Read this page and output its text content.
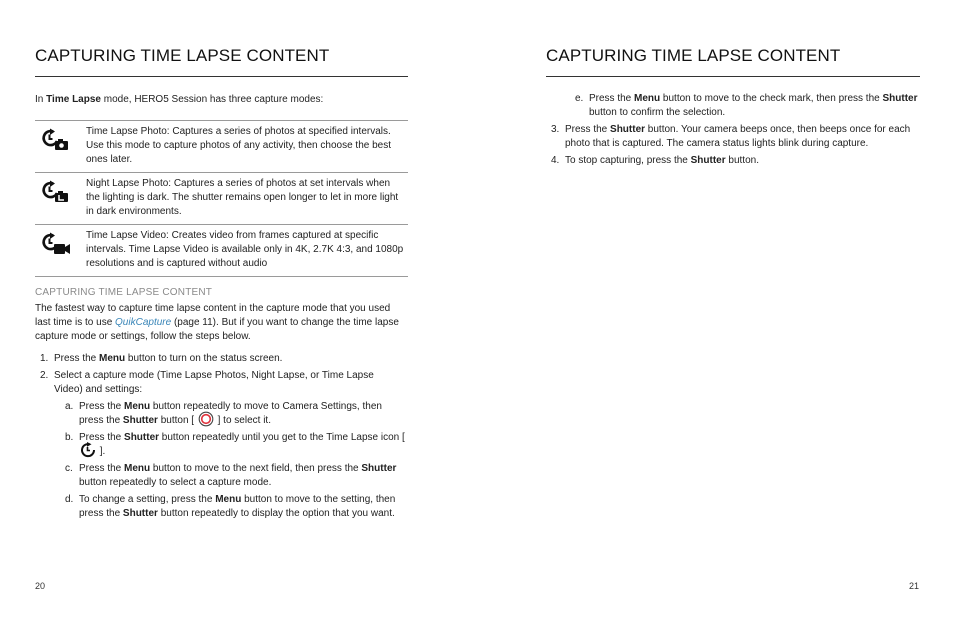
CAPTURING TIME LAPSE CONTENT

In Time Lapse mode, HERO5 Session has three capture modes:

Time Lapse Photo: Captures a series of photos at specified intervals. Use this mode to capture photos of any activity, then choose the best ones later.

Night Lapse Photo: Captures a series of photos at set intervals when the lighting is dark. The shutter remains open longer to let in more light in dark environments.

Time Lapse Video: Creates video from frames captured at specific intervals. Time Lapse Video is available only in 4K, 2.7K 4:3, and 1080p resolutions and is captured without audio

CAPTURING TIME LAPSE CONTENT

The fastest way to capture time lapse content in the capture mode that you used last time is to use QuikCapture (page 11). But if you want to change the time lapse capture mode or settings, follow the steps below.

1. Press the Menu button to turn on the status screen.
2. Select a capture mode (Time Lapse Photos, Night Lapse, or Time Lapse Video) and settings:
a. Press the Menu button repeatedly to move to Camera Settings, then press the Shutter button [  ] to select it.
b. Press the Shutter button repeatedly until you get to the Time Lapse icon [  ].
c. Press the Menu button to move to the next field, then press the Shutter button repeatedly to select a capture mode.
d. To change a setting, press the Menu button to move to the setting, then press the Shutter button repeatedly to display the option that you want.
20
CAPTURING TIME LAPSE CONTENT
e. Press the Menu button to move to the check mark, then press the Shutter button to confirm the selection.
3. Press the Shutter button. Your camera beeps once, then beeps once for each photo that is captured. The camera status lights blink during capture.
4. To stop capturing, press the Shutter button.
21
